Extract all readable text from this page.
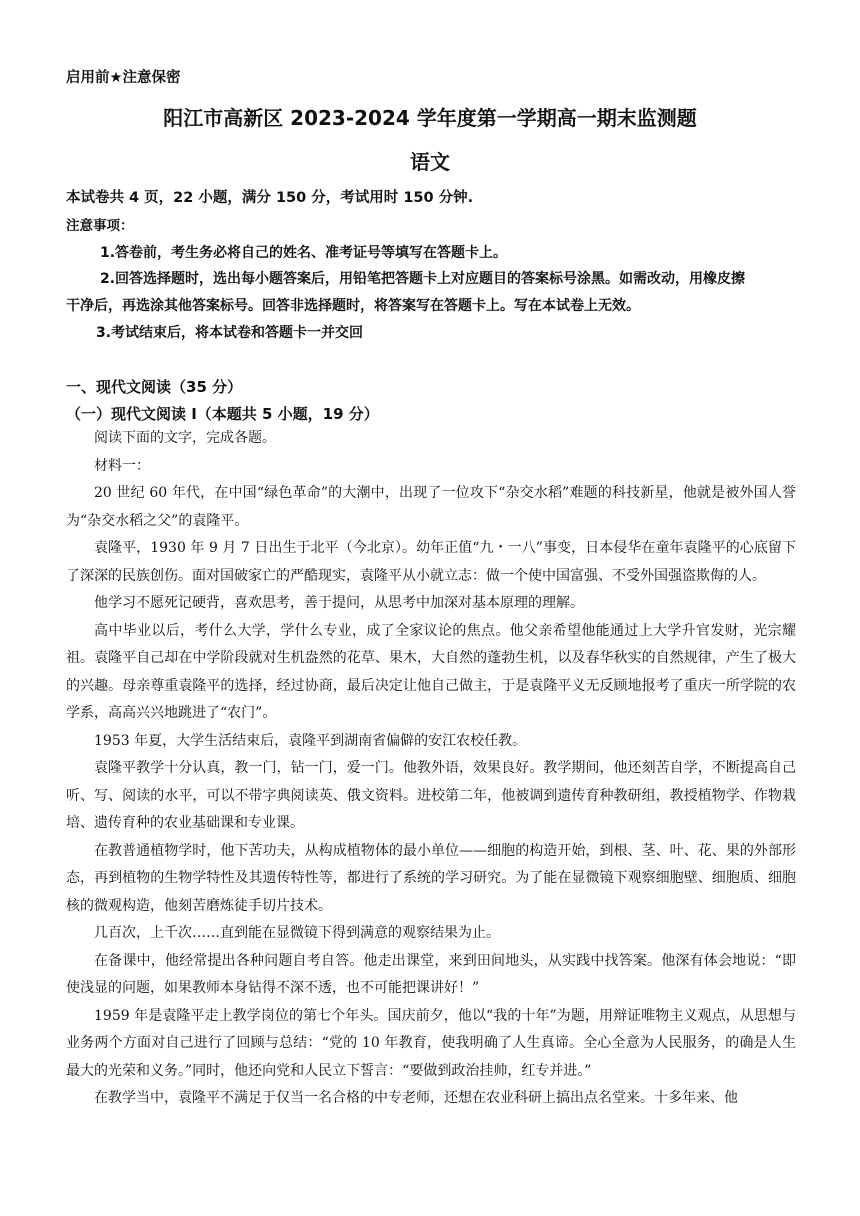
启用前★注意保密
阳江市高新区 2023-2024 学年度第一学期高一期末监测题
语文
本试卷共 4 页，22 小题，满分 150 分，考试用时 150 分钟.
注意事项：
1.答卷前，考生务必将自己的姓名、准考证号等填写在答题卡上。
2.回答选择题时，选出每小题答案后，用铅笔把答题卡上对应题目的答案标号涂黑。如需改动，用橡皮擦
干净后，再选涂其他答案标号。回答非选择题时，将答案写在答题卡上。写在本试卷上无效。
3.考试结束后，将本试卷和答题卡一并交回
一、现代文阅读（35 分）
（一）现代文阅读 I（本题共 5 小题，19 分）

阅读下面的文字，完成各题。

材料一：

20 世纪 60 年代，在中国“绿色革命”的大潮中，出现了一位攻下“杂交水稻”难题的科技新星，他就是被外国人誉为“杂交水稻之父”的袁隆平。

袁隆平，1930 年 9 月 7 日出生于北平（今北京）。幼年正值“九・一八”事变，日本侵华在童年袁隆平的心底留下了深深的民族创伤。面对国破家亡的严酷现实，袁隆平从小就立志：做一个使中国富强、不受外国强盗欺侮的人。

他学习不愿死记硬背，喜欢思考，善于提问，从思考中加深对基本原理的理解。

高中毕业以后，考什么大学，学什么专业，成了全家议论的焦点。他父亲希望他能通过上大学升官发财，光宗耀祖。袁隆平自己却在中学阶段就对生机盎然的花草、果木，大自然的蓬勃生机，以及春华秋实的自然规律，产生了极大的兴趣。母亲尊重袁隆平的选择，经过协商，最后决定让他自己做主，于是袁隆平义无反顾地报考了重庆一所学院的农学系，高高兴兴地跳进了“农门”。

1953 年夏，大学生活结束后，袁隆平到湖南省偏僻的安江农校任教。

袁隆平教学十分认真，教一门，钻一门，爱一门。他教外语，效果良好。教学期间，他还刻苦自学，不断提高自己听、写、阅读的水平，可以不带字典阅读英、俄文资料。进校第二年，他被调到遗传育种教研组，教授植物学、作物栽培、遗传育种的农业基础课和专业课。

在教普通植物学时，他下苦功夫，从构成植物体的最小单位——细胞的构造开始，到根、茎、叶、花、果的外部形态，再到植物的生物学特性及其遗传特性等，都进行了系统的学习研究。为了能在显微镜下观察细胞壁、细胞质、细胞核的微观构造，他刻苦磨炼徒手切片技术。

几百次，上千次……直到能在显微镜下得到满意的观察结果为止。

在备课中，他经常提出各种问题自考自答。他走出课堂，来到田间地头，从实践中找答案。他深有体会地说：“即使浅显的问题，如果教师本身钻得不深不透，也不可能把课讲好！”

1959 年是袁隆平走上教学岗位的第七个年头。国庆前夕，他以“我的十年”为题，用辩证唯物主义观点，从思想与业务两个方面对自己进行了回顾与总结：“党的 10 年教育，使我明确了人生真谛。全心全意为人民服务，的确是人生最大的光荣和义务。”同时，他还向党和人民立下誓言：“要做到政治挂帅，红专并进。”

在教学当中，袁隆平不满足于仅当一名合格的中专老师，还想在农业科研上搞出点名堂来。十多年来、他
